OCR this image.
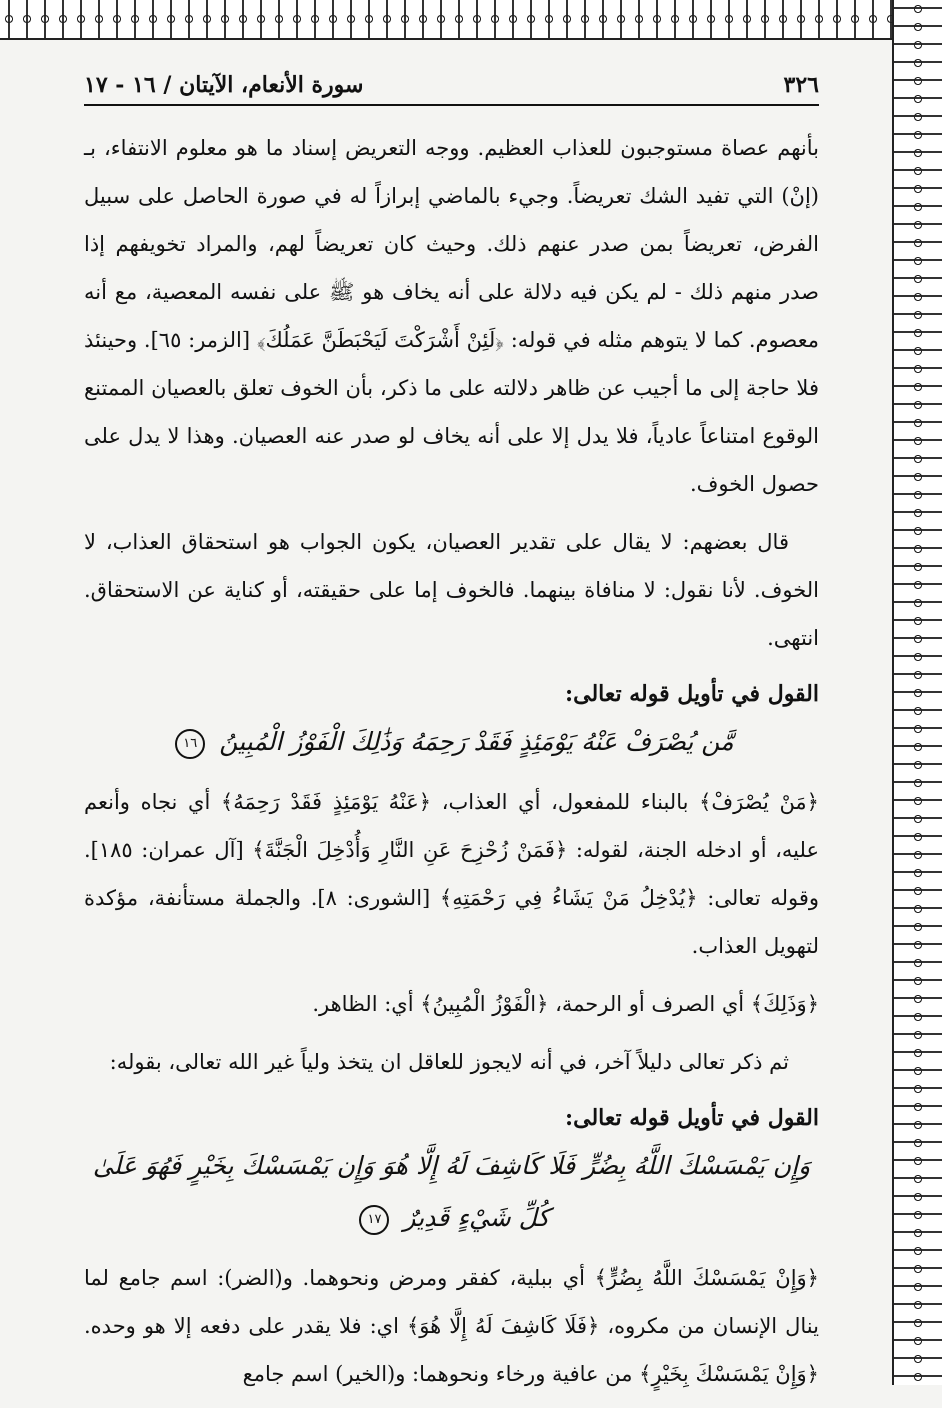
٣٢٦
سورة الأنعام، الآيتان / ١٦ - ١٧

بأنهم عصاة مستوجبون للعذاب العظيم. ووجه التعريض إسناد ما هو معلوم الانتفاء، بـ (إنْ) التي تفيد الشك تعريضاً. وجيء بالماضي إبرازاً له في صورة الحاصل على سبيل الفرض، تعريضاً بمن صدر عنهم ذلك. وحيث كان تعريضاً لهم، والمراد تخويفهم إذا صدر منهم ذلك - لم يكن فيه دلالة على أنه يخاف هو ﷺ على نفسه المعصية، مع أنه معصوم. كما لا يتوهم مثله في قوله: ﴿لَئِنْ أَشْرَكْتَ لَيَحْبَطَنَّ عَمَلُكَ﴾ [الزمر: ٦٥]. وحينئذ فلا حاجة إلى ما أجيب عن ظاهر دلالته على ما ذكر، بأن الخوف تعلق بالعصيان الممتنع الوقوع امتناعاً عادياً، فلا يدل إلا على أنه يخاف لو صدر عنه العصيان. وهذا لا يدل على حصول الخوف.

قال بعضهم: لا يقال على تقدير العصيان، يكون الجواب هو استحقاق العذاب، لا الخوف. لأنا نقول: لا منافاة بينهما. فالخوف إما على حقيقته، أو كناية عن الاستحقاق. انتهى.

القول في تأويل قوله تعالى:
مَّن يُصْرَفْ عَنْهُ يَوْمَئِذٍ فَقَدْ رَحِمَهُ وَذَٰلِكَ الْفَوْزُ الْمُبِينُ ١٦

﴿مَنْ يُصْرَفْ﴾ بالبناء للمفعول، أي العذاب، ﴿عَنْهُ يَوْمَئِذٍ فَقَدْ رَحِمَهُ﴾ أي نجاه وأنعم عليه، أو ادخله الجنة، لقوله: ﴿فَمَنْ زُحْزِحَ عَنِ النَّارِ وَأُدْخِلَ الْجَنَّةَ﴾ [آل عمران: ١٨٥]. وقوله تعالى: ﴿يُدْخِلُ مَنْ يَشَاءُ فِي رَحْمَتِهِ﴾ [الشورى: ٨]. والجملة مستأنفة، مؤكدة لتهويل العذاب.

﴿وَذَلِكَ﴾ أي الصرف أو الرحمة، ﴿الْفَوْزُ الْمُبِينُ﴾ أي: الظاهر.

ثم ذكر تعالى دليلاً آخر، في أنه لايجوز للعاقل ان يتخذ ولياً غير الله تعالى، بقوله:

القول في تأويل قوله تعالى:
وَإِن يَمْسَسْكَ اللَّهُ بِضُرٍّ فَلَا كَاشِفَ لَهُ إِلَّا هُوَ وَإِن يَمْسَسْكَ بِخَيْرٍ فَهُوَ عَلَىٰ كُلِّ شَيْءٍ قَدِيرٌ ١٧

﴿وَإِنْ يَمْسَسْكَ اللَّهُ بِضُرٍّ﴾ أي ببلية، كفقر ومرض ونحوهما. و(الضر): اسم جامع لما ينال الإنسان من مكروه، ﴿فَلَا كَاشِفَ لَهُ إِلَّا هُوَ﴾ اي: فلا يقدر على دفعه إلا هو وحده. ﴿وَإِنْ يَمْسَسْكَ بِخَيْرٍ﴾ من عافية ورخاء ونحوهما: و(الخير) اسم جامع
